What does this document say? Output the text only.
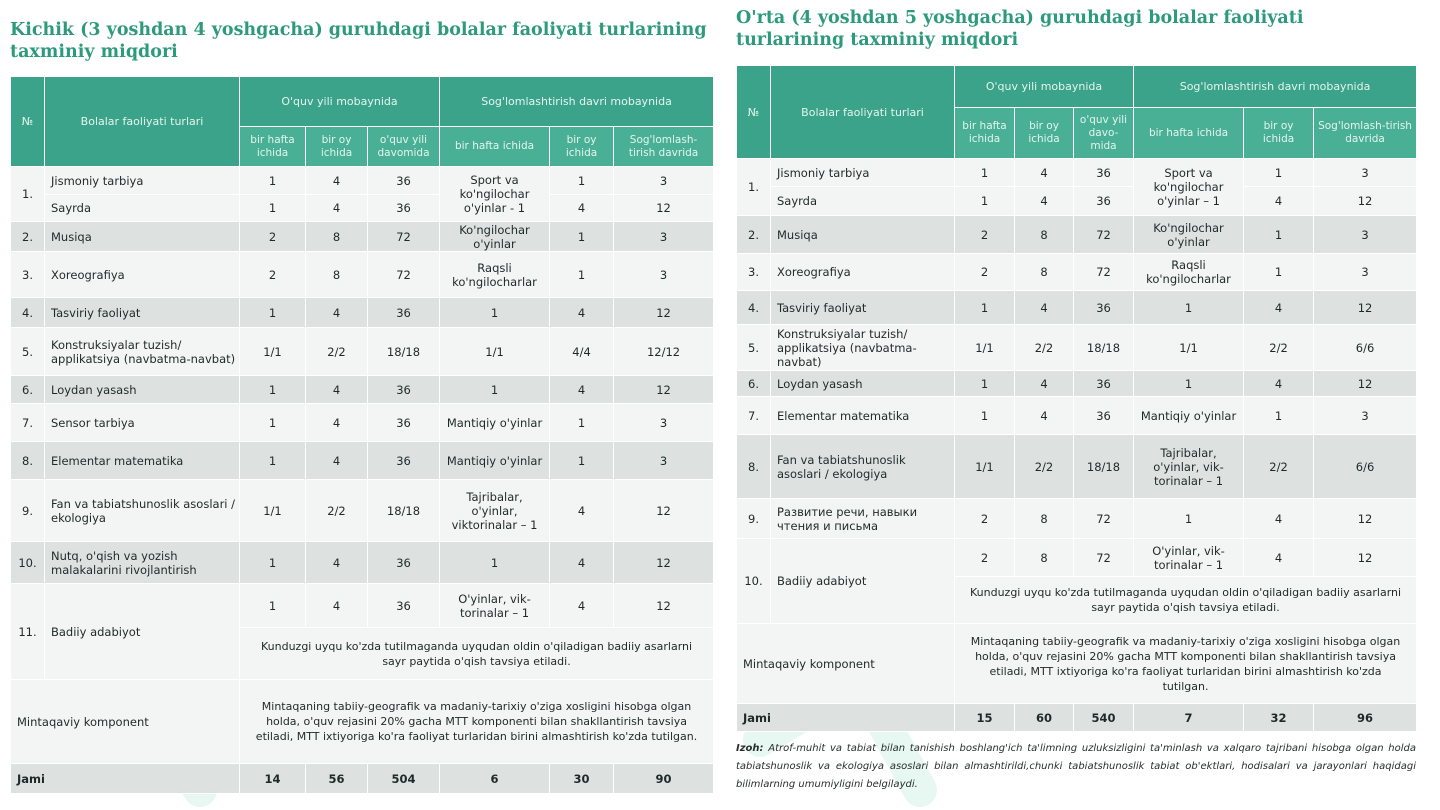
Kichik (3 yoshdan 4 yoshgacha) guruhdagi bolalar faoliyati turlarining taxminiy miqdori
№	Bolalar faoliyati turlari	O'quv yili mobaynida			Sog'lomlashtirish davri mobaynida		
		bir hafta ichida	bir oy ichida	o'quv yili davomida	bir hafta ichida	bir oy ichida	Sog'lomlash-tirish davrida
1.	Jismoniy tarbiya	1	4	36	Sport va ko'ngilochar o'yinlar - 1	1	3
	Sayrda	1	4	36		4	12
2.	Musiqa	2	8	72	Ko'ngilochar o'yinlar	1	3
3.	Xoreografiya	2	8	72	Raqsli ko'ngilocharlar	1	3
4.	Tasviriy faoliyat	1	4	36	1	4	12
5.	Konstruksiyalar tuzish/ applikatsiya (navbatma-navbat)	1/1	2/2	18/18	1/1	4/4	12/12
6.	Loydan yasash	1	4	36	1	4	12
7.	Sensor tarbiya	1	4	36	Mantiqiy o'yinlar	1	3
8.	Elementar matematika	1	4	36	Mantiqiy o'yinlar	1	3
9.	Fan va tabiatshunoslik asoslari / ekologiya	1/1	2/2	18/18	Tajribalar, o'yinlar, viktorinalar – 1	4	12
10.	Nutq, o'qish va yozish malakalarini rivojlantirish	1	4	36	1	4	12
11.	Badiiy adabiyot	1	4	36	O'yinlar, vik-torinalar – 1	4	12
		Kunduzgi uyqu ko'zda tutilmaganda uyqudan oldin o'qiladigan badiiy asarlarni sayr paytida o'qish tavsiya etiladi.					
Mintaqaviy komponent		Mintaqaning tabiiy-geografik va madaniy-tarixiy o'ziga xosligini hisobga olgan holda, o'quv rejasini 20% gacha MTT komponenti bilan shakllantirish tavsiya etiladi, MTT ixtiyoriga ko'ra faoliyat turlaridan birini almashtirish ko'zda tutilgan.					
Jami		14	56	504	6	30	90
O'rta (4 yoshdan 5 yoshgacha) guruhdagi bolalar faoliyati turlarining taxminiy miqdori
№	Bolalar faoliyati turlari	O'quv yili mobaynida			Sog'lomlashtirish davri mobaynida		
		bir hafta ichida	bir oy ichida	o'quv yili davo-mida	bir hafta ichida	bir oy ichida	Sog'lomlash-tirish davrida
1.	Jismoniy tarbiya	1	4	36	Sport va ko'ngilochar o'yinlar – 1	1	3
	Sayrda	1	4	36		4	12
2.	Musiqa	2	8	72	Ko'ngilochar o'yinlar	1	3
3.	Xoreografiya	2	8	72	Raqsli ko'ngilocharlar	1	3
4.	Tasviriy faoliyat	1	4	36	1	4	12
5.	Konstruksiyalar tuzish/ applikatsiya (navbatma-navbat)	1/1	2/2	18/18	1/1	2/2	6/6
6.	Loydan yasash	1	4	36	1	4	12
7.	Elementar matematika	1	4	36	Mantiqiy o'yinlar	1	3
8.	Fan va tabiatshunoslik asoslari / ekologiya	1/1	2/2	18/18	Tajribalar, o'yinlar, vik-torinalar – 1	2/2	6/6
9.	Развитие речи, навыки чтения и письма	2	8	72	1	4	12
10.	Badiiy adabiyot	2	8	72	O'yinlar, vik-torinalar – 1	4	12
		Kunduzgi uyqu ko'zda tutilmaganda uyqudan oldin o'qiladigan badiiy asarlarni sayr paytida o'qish tavsiya etiladi.					
Mintaqaviy komponent		Mintaqaning tabiiy-geografik va madaniy-tarixiy o'ziga xosligini hisobga olgan holda, o'quv rejasini 20% gacha MTT komponenti bilan shakllantirish tavsiya etiladi, MTT ixtiyoriga ko'ra faoliyat turlaridan birini almashtirish ko'zda tutilgan.					
Jami		15	60	540	7	32	96

Izoh: Atrof-muhit va tabiat bilan tanishish boshlang'ich ta'limning uzluksizligini ta'minlash va xalqaro tajribani hisobga olgan holda tabiatshunoslik va ekologiya asoslari bilan almashtirildi,chunki tabiatshunoslik tabiat ob'ektlari, hodisalari va jarayonlari haqidagi bilimlarning umumiyligini belgilaydi.
